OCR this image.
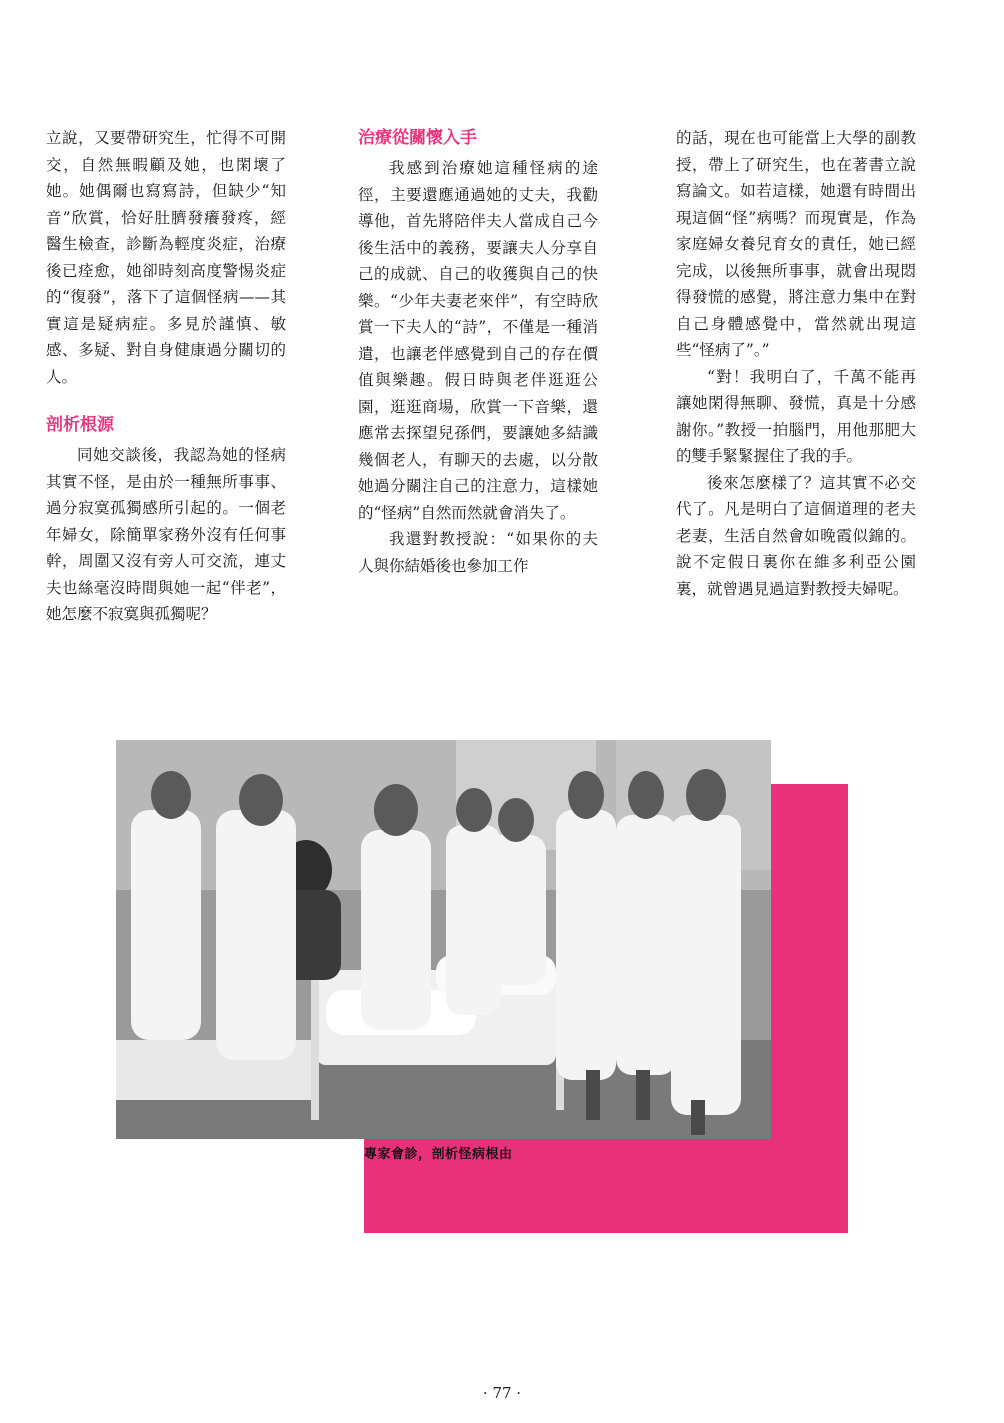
立說，又要帶研究生，忙得不可開交，自然無暇顧及她，也閑壞了她。她偶爾也寫寫詩，但缺少“知音”欣賞，恰好肚臍發癢發疼，經醫生檢查，診斷為輕度炎症，治療後已痊愈，她卻時刻高度警惕炎症的“復發”，落下了這個怪病——其實這是疑病症。多見於謹慎、敏感、多疑、對自身健康過分關切的人。

剖析根源

同她交談後，我認為她的怪病其實不怪，是由於一種無所事事、過分寂寞孤獨感所引起的。一個老年婦女，除簡單家務外沒有任何事幹，周圍又沒有旁人可交流，連丈夫也絲毫沒時間與她一起“伴老”，她怎麼不寂寞與孤獨呢？

治療從關懷入手

我感到治療她這種怪病的途徑，主要還應通過她的丈夫，我勸導他，首先將陪伴夫人當成自己今後生活中的義務，要讓夫人分享自己的成就、自己的收獲與自己的快樂。“少年夫妻老來伴”，有空時欣賞一下夫人的“詩”，不僅是一種消遣，也讓老伴感覺到自己的存在價值與樂趣。假日時與老伴逛逛公園，逛逛商場，欣賞一下音樂，還應常去探望兒孫們，要讓她多結識幾個老人，有聊天的去處，以分散她過分關注自己的注意力，這樣她的“怪病”自然而然就會消失了。

我還對教授說：“如果你的夫人與你結婚後也參加工作

的話，現在也可能當上大學的副教授，帶上了研究生，也在著書立說寫論文。如若這樣，她還有時間出現這個“怪”病嗎？而現實是，作為家庭婦女養兒育女的責任，她已經完成，以後無所事事，就會出現悶得發慌的感覺，將注意力集中在對自己身體感覺中，當然就出現這些“怪病了”。”

“對！我明白了，千萬不能再讓她閑得無聊、發慌，真是十分感謝你。”教授一拍腦門，用他那肥大的雙手緊緊握住了我的手。

後來怎麼樣了？這其實不必交代了。凡是明白了這個道理的老夫老妻，生活自然會如晚霞似錦的。說不定假日裏你在維多利亞公園裏，就曾遇見過這對教授夫婦呢。

專家會診，剖析怪病根由
· 77 ·
